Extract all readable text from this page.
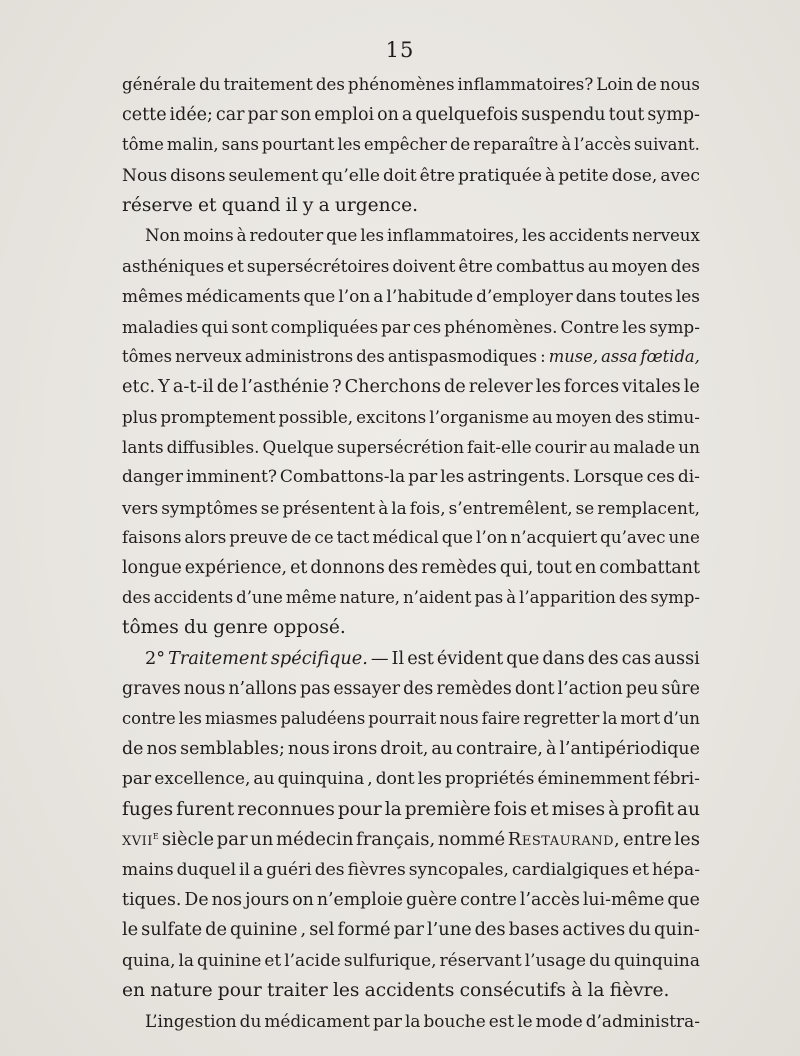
15
générale du traitement des phénomènes inflammatoires? Loin de nous
cette idée; car par son emploi on a quelquefois suspendu tout symp-
tôme malin, sans pourtant les empêcher de reparaître à l’accès suivant.
Nous disons seulement qu’elle doit être pratiquée à petite dose, avec
réserve et quand il y a urgence.
Non moins à redouter que les inflammatoires, les accidents nerveux
asthéniques et supersécrétoires doivent être combattus au moyen des
mêmes médicaments que l’on a l’habitude d’employer dans toutes les
maladies qui sont compliquées par ces phénomènes. Contre les symp-
tômes nerveux administrons des antispasmodiques : muse, assa fœtida,
etc. Y a-t-il de l’asthénie ? Cherchons de relever les forces vitales le
plus promptement possible, excitons l’organisme au moyen des stimu-
lants diffusibles. Quelque supersécrétion fait-elle courir au malade un
danger imminent? Combattons-la par les astringents. Lorsque ces di-
vers symptômes se présentent à la fois, s’entremêlent, se remplacent,
faisons alors preuve de ce tact médical que l’on n’acquiert qu’avec une
longue expérience, et donnons des remèdes qui, tout en combattant
des accidents d’une même nature, n’aident pas à l’apparition des symp-
tômes du genre opposé.
2° Traitement spécifique. — Il est évident que dans des cas aussi
graves nous n’allons pas essayer des remèdes dont l’action peu sûre
contre les miasmes paludéens pourrait nous faire regretter la mort d’un
de nos semblables; nous irons droit, au contraire, à l’antipériodique
par excellence, au quinquina , dont les propriétés éminemment fébri-
fuges furent reconnues pour la première fois et mises à profit au
xvii$^e$ siècle par un médecin français, nommé Restaurand, entre les
mains duquel il a guéri des fièvres syncopales, cardialgiques et hépa-
tiques. De nos jours on n’emploie guère contre l’accès lui-même que
le sulfate de quinine , sel formé par l’une des bases actives du quin-
quina, la quinine et l’acide sulfurique, réservant l’usage du quinquina
en nature pour traiter les accidents consécutifs à la fièvre.
L’ingestion du médicament par la bouche est le mode d’administra-
